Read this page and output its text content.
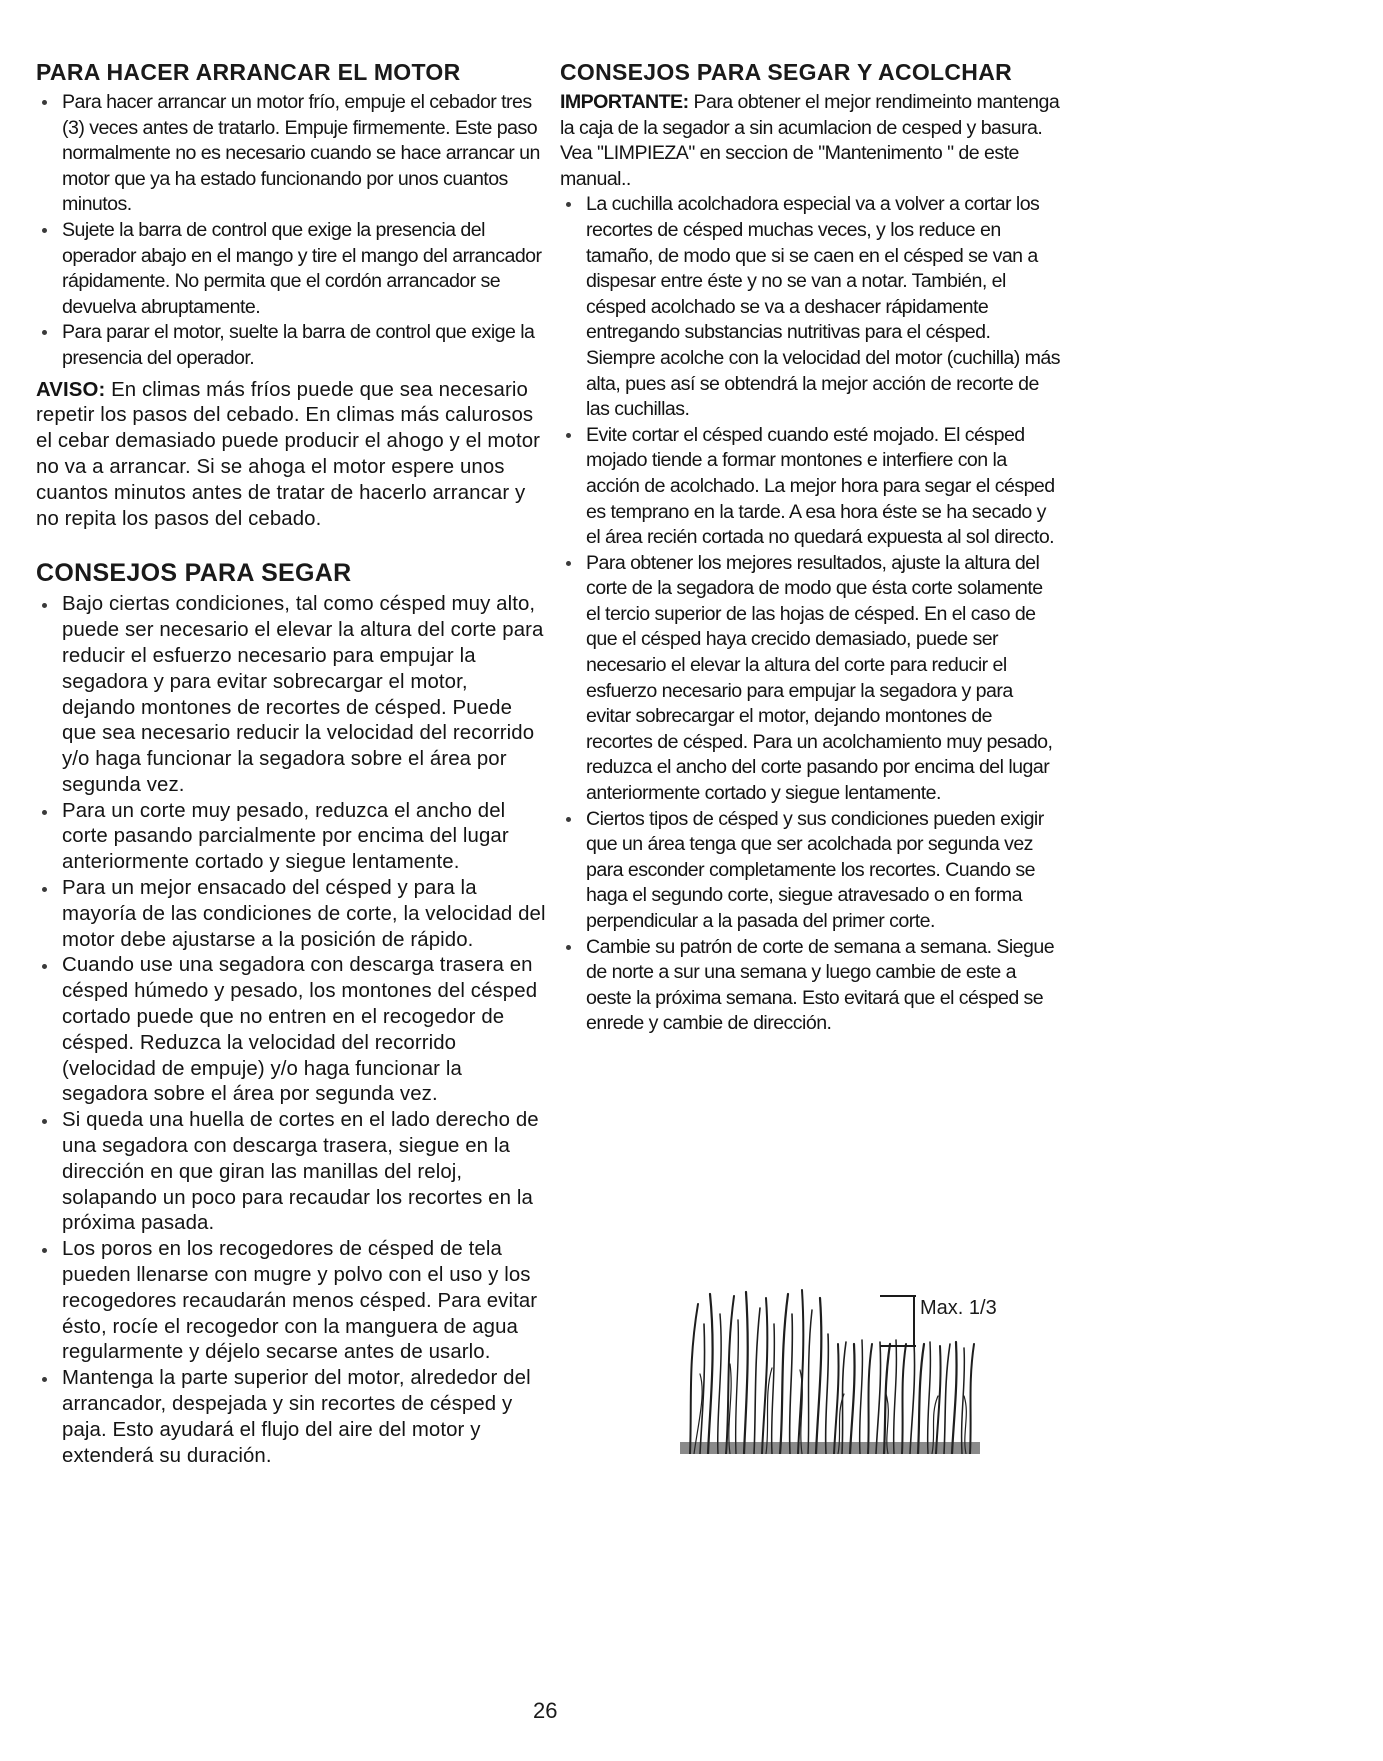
PARA HACER ARRANCAR EL MOTOR
Para hacer arrancar un motor frío, empuje el cebador tres (3) veces antes de tratarlo. Empuje firmemente. Este paso normalmente no es necesario cuando se hace arrancar un motor que ya ha estado funcionando por unos cuantos minutos.
Sujete la barra de control que exige la presencia del operador abajo en el mango y tire el mango del arrancador rápidamente. No permita que el cordón arrancador se devuelva abruptamente.
Para parar el motor, suelte la barra de control que exige la presencia del operador.

AVISO: En climas más fríos puede que sea necesario repetir los pasos del cebado. En climas más calurosos el cebar demasiado puede producir el ahogo y el motor no va a arrancar. Si se ahoga el motor espere unos cuantos minutos antes de tratar de hacerlo arrancar y no repita los pasos del cebado.

CONSEJOS PARA SEGAR
Bajo ciertas condiciones, tal como césped muy alto, puede ser necesario el elevar la altura del corte para reducir el esfuerzo necesario para empujar la segadora y para evitar sobrecargar el motor, dejando montones de recortes de césped. Puede que sea necesario reducir la velocidad del recorrido y/o haga funcionar la segadora sobre el área por segunda vez.
Para un corte muy pesado, reduzca el ancho del corte pasando parcialmente por encima del lugar anteriormente cortado y siegue lentamente.
Para un mejor ensacado del césped y para la mayoría de las condiciones de corte, la velocidad del motor debe ajustarse a la posición de rápido.
Cuando use una segadora con descarga trasera en césped húmedo y pesado, los montones del césped cortado puede que no entren en el recogedor de césped. Reduzca la velocidad del recorrido (velocidad de empuje) y/o haga funcionar la segadora sobre el área por segunda vez.
Si queda una huella de cortes en el lado derecho de una segadora con descarga trasera, siegue en la dirección en que giran las manillas del reloj, solapando un poco para recaudar los recortes en la próxima pasada.
Los poros en los recogedores de césped de tela pueden llenarse con mugre y polvo con el uso y los recogedores recaudarán menos césped. Para evitar ésto, rocíe el recogedor con la manguera de agua regularmente y déjelo secarse antes de usarlo.
Mantenga la parte superior del motor, alrededor del arrancador, despejada y sin recortes de césped y paja. Esto ayudará el flujo del aire del motor y extenderá su duración.
CONSEJOS PARA SEGAR Y ACOLCHAR

IMPORTANTE: Para obtener el mejor rendimeinto mantenga la caja de la segador a sin acumlacion de cesped y basura. Vea "LIMPIEZA" en seccion de "Mantenimento " de este manual..

La cuchilla acolchadora especial va a volver a cortar los recortes de césped muchas veces, y los reduce en tamaño, de modo que si se caen en el césped se van a dispesar entre éste y no se van a notar. También, el césped acolchado se va a deshacer rápidamente entregando substancias nutritivas para el césped. Siempre acolche con la velocidad del motor (cuchilla) más alta, pues así se obtendrá la mejor acción de recorte de las cuchillas.
Evite cortar el césped cuando esté mojado. El césped mojado tiende a formar montones e interfiere con la acción de acolchado. La mejor hora para segar el césped es temprano en la tarde. A esa hora éste se ha secado y el área recién cortada no quedará expuesta al sol directo.
Para obtener los mejores resultados, ajuste la altura del corte de la segadora de modo que ésta corte solamente el tercio superior de las hojas de césped. En el caso de que el césped haya crecido demasiado, puede ser necesario el elevar la altura del corte para reducir el esfuerzo necesario para empujar la segadora y para evitar sobrecargar el motor, dejando montones de recortes de césped. Para un acolchamiento muy pesado, reduzca el ancho del corte pasando por encima del lugar anteriormente cortado y siegue lentamente.
Ciertos tipos de césped y sus condiciones pueden exigir que un área tenga que ser acolchada por segunda vez para esconder completamente los recortes. Cuando se haga el segundo corte, siegue atravesado o en forma perpendicular a la pasada del primer corte.
Cambie su patrón de corte de semana a semana. Siegue de norte a sur una semana y luego cambie de este a oeste la próxima semana. Esto evitará que el césped se enrede y cambie de dirección.
Max. 1/3
26
